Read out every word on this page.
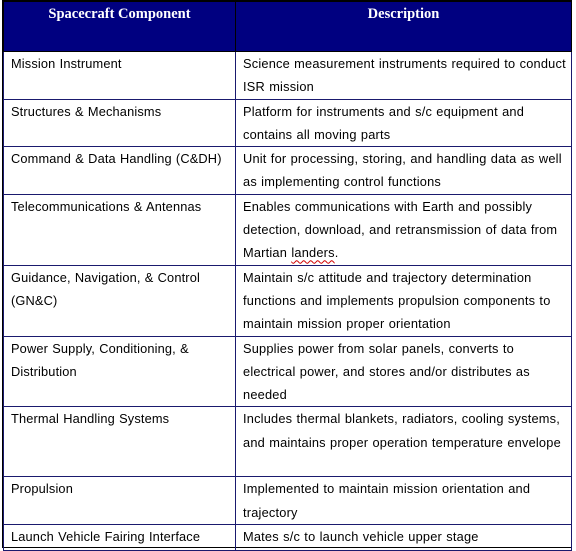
Spacecraft Component	Description
Mission Instrument	Science measurement instruments required to conduct ISR mission
Structures & Mechanisms	Platform for instruments and s/c equipment and contains all moving parts
Command & Data Handling (C&DH)	Unit for processing, storing, and handling data as well as implementing control functions
Telecommunications & Antennas	Enables communications with Earth and possibly detection, download, and retransmission of data from Martian landers.
Guidance, Navigation, & Control (GN&C)	Maintain s/c attitude and trajectory determination functions and implements propulsion components to maintain mission proper orientation
Power Supply, Conditioning, & Distribution	Supplies power from solar panels, converts to electrical power, and stores and/or distributes as needed
Thermal Handling Systems	Includes thermal blankets, radiators, cooling systems, and maintains proper operation temperature envelope
Propulsion	Implemented to maintain mission orientation and trajectory
Launch Vehicle Fairing Interface	Mates s/c to launch vehicle upper stage
